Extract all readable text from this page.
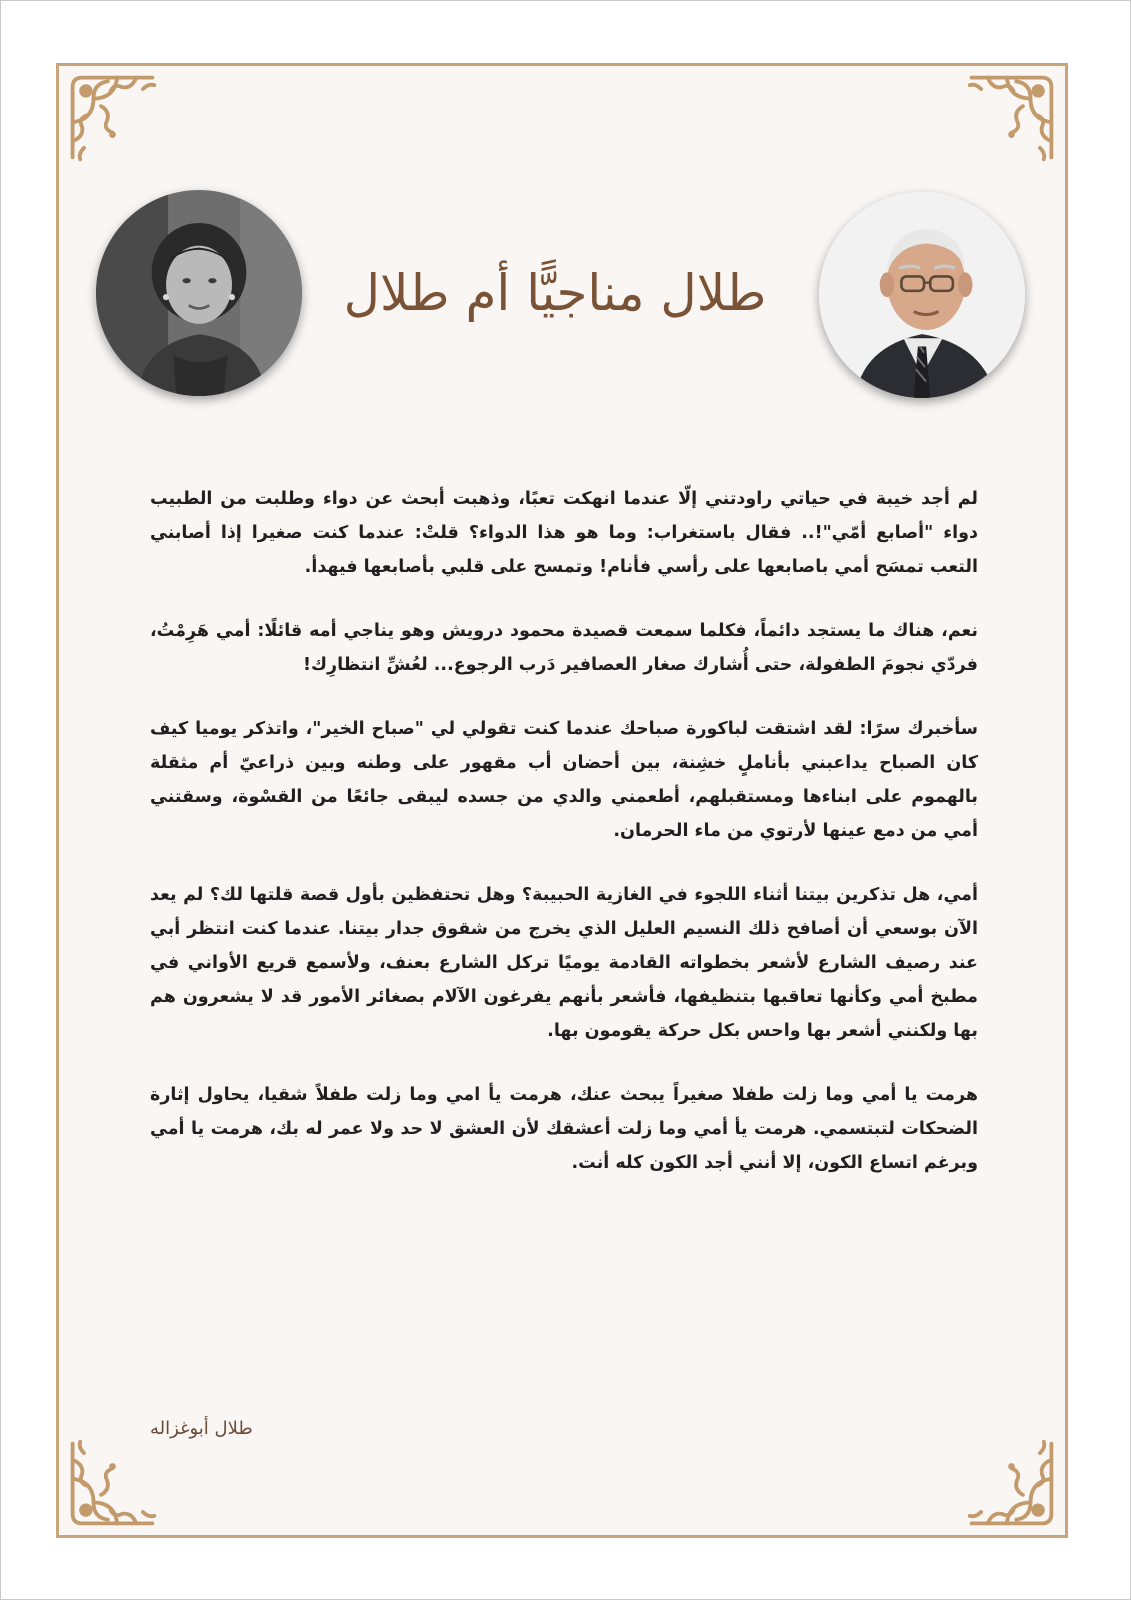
طلال مناجيًّا أم طلال

لم أجد خيبة في حياتي راودتني إلّا عندما انهكت تعبًا، وذهبت أبحث عن دواء وطلبت من الطبيب دواء "أصابع أمّي"!.. فقال باستغراب: وما هو هذا الدواء؟ قلتْ: عندما كنت صغيرا إذا أصابني التعب تمسَح أمي باصابعها على رأسي فأنام! وتمسح على قلبي بأصابعها فيهدأ.

نعم، هناك ما يستجد دائماً، فكلما سمعت قصيدة محمود درويش وهو يناجي أمه قائلًا: أمي هَرِمْتُ، فردّي نجومَ الطفولة، حتى أُشارك صغار العصافير دَرب الرجوع... لعُشِّ انتظارِك!

سأخبرك سرًا: لقد اشتقت لباكورة صباحك عندما كنت تقولي لي "صباح الخير"، واتذكر يوميا كيف كان الصباح يداعبني بأناملٍ خشِنة، بين أحضان أب مقهور على وطنه وبين ذراعيّ أم مثقلة بالهموم على ابناءها ومستقبلهم، أطعمني والدي من جسده ليبقى جائعًا من القسْوة، وسقتني أمي من دمع عينها لأرتوي من ماء الحرمان.

أمي، هل تذكرين بيتنا أثناء اللجوء في الغازية الحبيبة؟ وهل تحتفظين بأول قصة قلتها لك؟ لم يعد الآن بوسعي أن أصافح ذلك النسيم العليل الذي يخرج من شقوق جدار بيتنا. عندما كنت انتظر أبي عند رصيف الشارع لأشعر بخطواته القادمة يوميًا تركل الشارع بعنف، ولأسمع قريع الأواني في مطبخ أمي وكأنها تعاقبها بتنظيفها، فأشعر بأنهم يفرغون الآلام بصغائر الأمور قد لا يشعرون هم بها ولكنني أشعر بها واحس بكل حركة يقومون بها.

هرمت يا أمي وما زلت طفلا صغيراً يبحث عنك، هرمت يأ امي وما زلت طفلاً شقيا، يحاول إثارة الضحكات لتبتسمي. هرمت يأ أمي وما زلت أعشقك لأن العشق لا حد ولا عمر له بك، هرمت يا أمي وبرغم اتساع الكون، إلا أنني أجد الكون كله أنت.

طلال أبوغزاله
